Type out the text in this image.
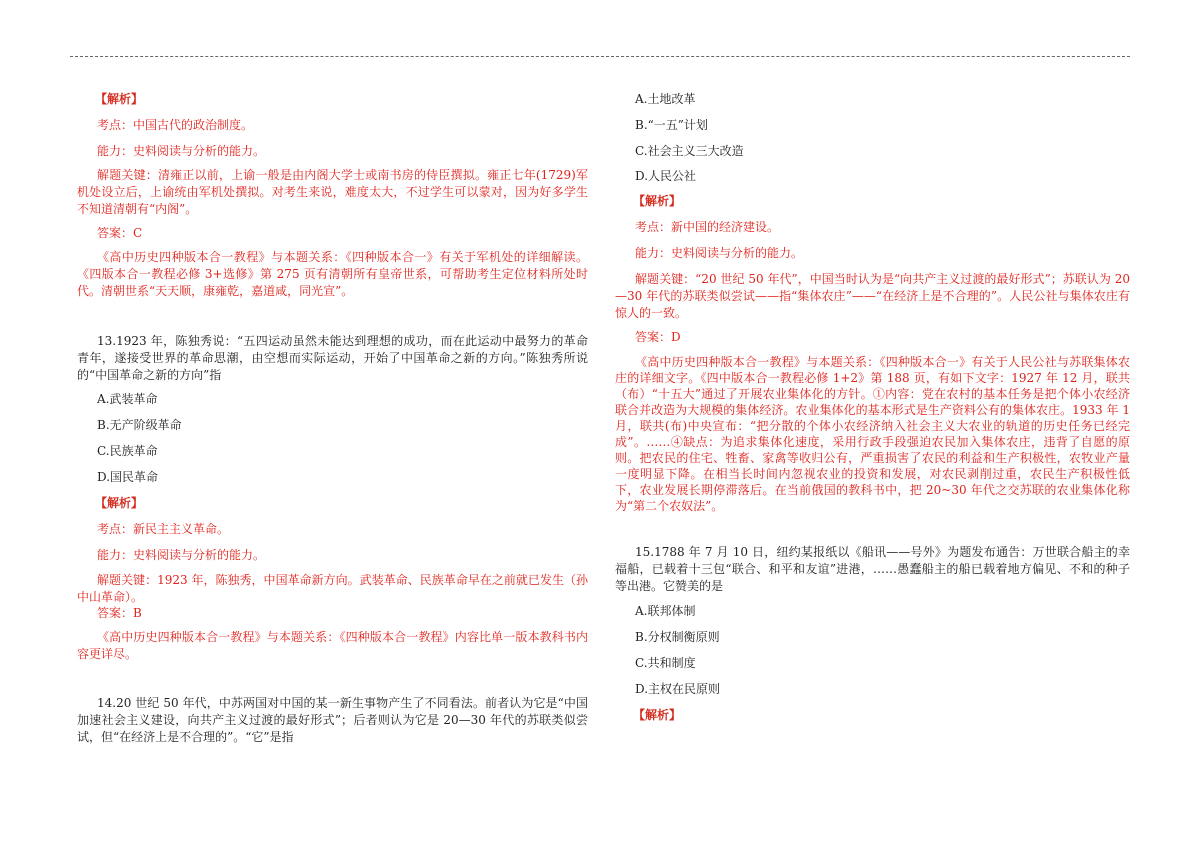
【解析】

考点：中国古代的政治制度。

能力：史料阅读与分析的能力。

解题关键：清雍正以前，上谕一般是由内阁大学士或南书房的侍臣撰拟。雍正七年(1729)军机处设立后，上谕统由军机处撰拟。对考生来说，难度太大，不过学生可以蒙对，因为好多学生不知道清朝有“内阁”。

答案：C

《高中历史四种版本合一教程》与本题关系：《四种版本合一》有关于军机处的详细解读。《四版本合一教程必修 3+选修》第 275 页有清朝所有皇帝世系，可帮助考生定位材料所处时代。清朝世系“天天顺，康雍乾，嘉道咸，同光宣”。

13.1923 年，陈独秀说：“五四运动虽然未能达到理想的成功，而在此运动中最努力的革命青年，遂接受世界的革命思潮，由空想而实际运动，开始了中国革命之新的方向。”陈独秀所说的“中国革命之新的方向”指

A.武装革命

B.无产阶级革命

C.民族革命

D.国民革命

【解析】

考点：新民主主义革命。

能力：史料阅读与分析的能力。

解题关键：1923 年，陈独秀，中国革命新方向。武装革命、民族革命早在之前就已发生（孙中山革命）。

答案：B

《高中历史四种版本合一教程》与本题关系：《四种版本合一教程》内容比单一版本教科书内容更详尽。

14.20 世纪 50 年代，中苏两国对中国的某一新生事物产生了不同看法。前者认为它是“中国加速社会主义建设，向共产主义过渡的最好形式”；后者则认为它是 20—30 年代的苏联类似尝试，但“在经济上是不合理的”。“它”是指

A.土地改革

B.“一五”计划

C.社会主义三大改造

D.人民公社

【解析】

考点：新中国的经济建设。

能力：史料阅读与分析的能力。

解题关键：“20 世纪 50 年代”，中国当时认为是“向共产主义过渡的最好形式”；苏联认为 20—30 年代的苏联类似尝试——指“集体农庄”——“在经济上是不合理的”。人民公社与集体农庄有惊人的一致。

答案：D

《高中历史四种版本合一教程》与本题关系：《四种版本合一》有关于人民公社与苏联集体农庄的详细文字。《四中版本合一教程必修 1+2》第 188 页，有如下文字：1927 年 12 月，联共（布）“十五大”通过了开展农业集体化的方针。①内容：党在农村的基本任务是把个体小农经济联合并改造为大规模的集体经济。农业集体化的基本形式是生产资料公有的集体农庄。1933 年 1 月，联共(布)中央宣布：“把分散的个体小农经济纳入社会主义大农业的轨道的历史任务已经完成”。……④缺点：为追求集体化速度，采用行政手段强迫农民加入集体农庄，违背了自愿的原则。把农民的住宅、牲畜、家禽等收归公有，严重损害了农民的利益和生产积极性，农牧业产量一度明显下降。在相当长时间内忽视农业的投资和发展，对农民剥削过重，农民生产积极性低下，农业发展长期停滞落后。在当前俄国的教科书中，把 20~30 年代之交苏联的农业集体化称为“第二个农奴法”。

15.1788 年 7 月 10 日，纽约某报纸以《船讯——号外》为题发布通告：万世联合船主的幸福船，已载着十三包“联合、和平和友谊”进港，……愚蠢船主的船已载着地方偏见、不和的种子等出港。它赞美的是

A.联邦体制

B.分权制衡原则

C.共和制度

D.主权在民原则

【解析】
